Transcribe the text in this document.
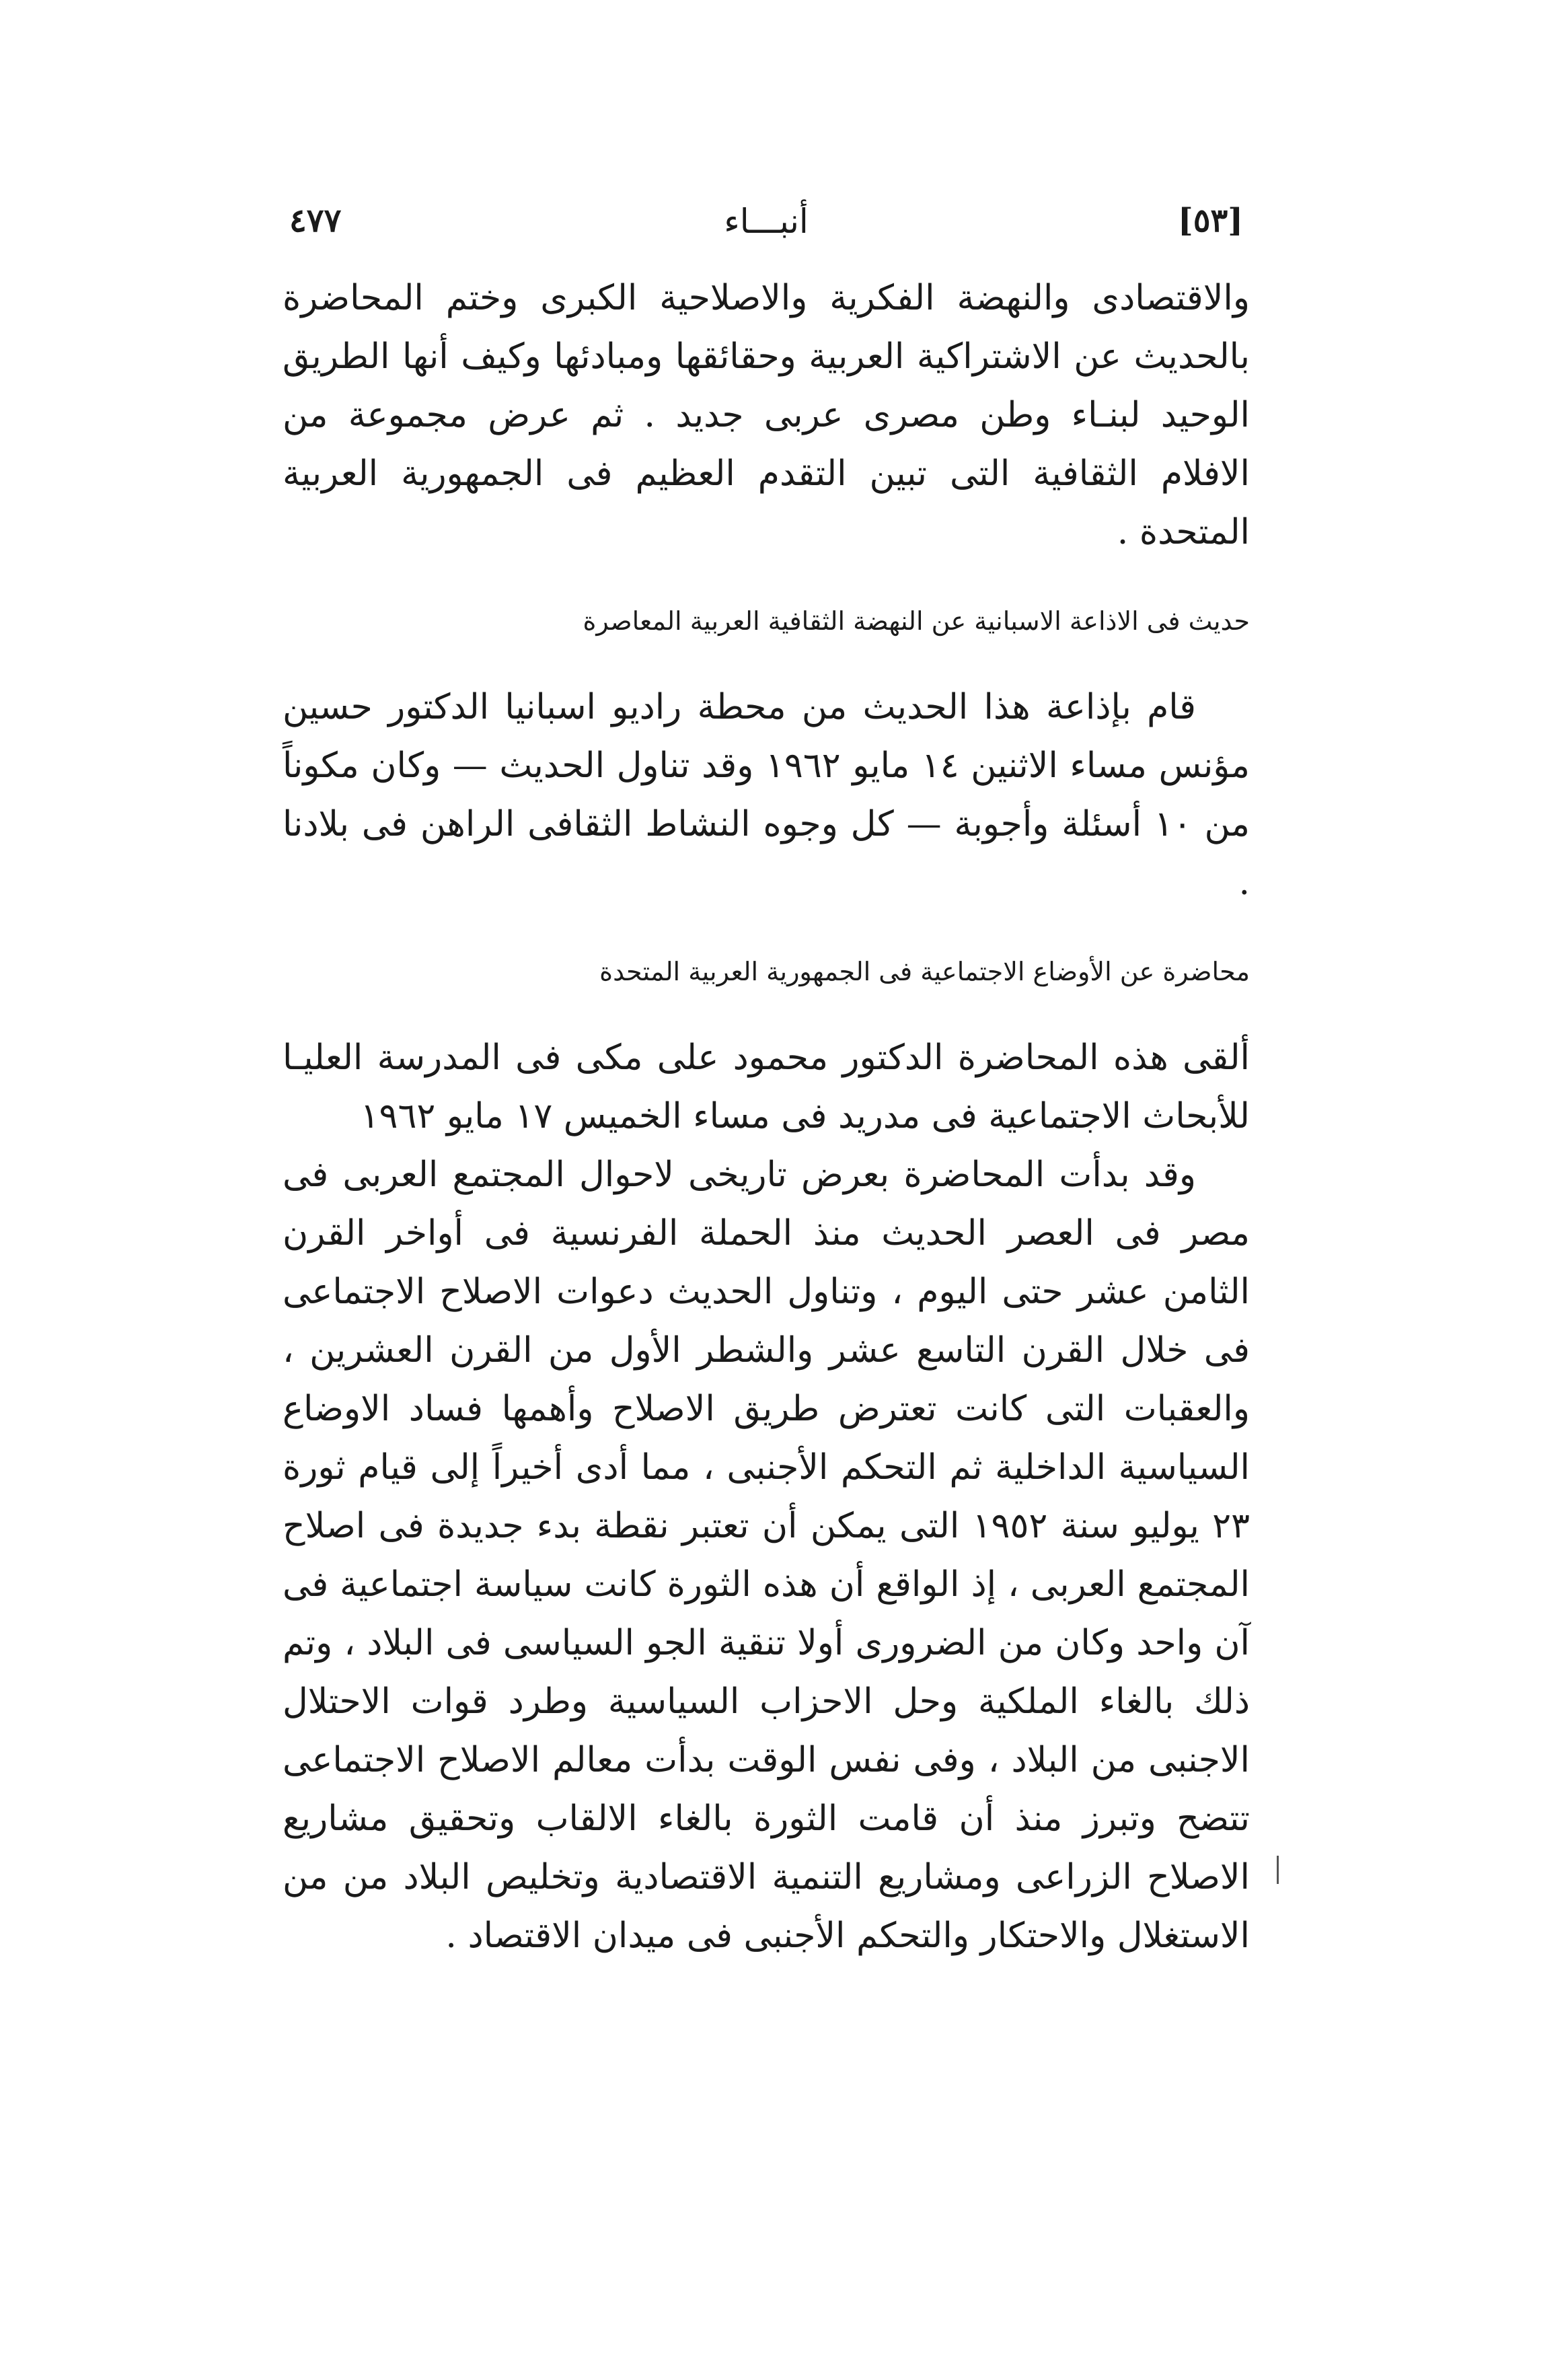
٤٧٧	أنبـــاء	[٥٣]

والاقتصادى والنهضة الفكرية والاصلاحية الكبرى وختم المحاضرة بالحديث عن الاشتراكية العربية وحقائقها ومبادئها وكيف أنها الطريق الوحيد لبنـاء وطن مصرى عربى جديد . ثم عرض مجموعة من الافلام الثقافية التى تبين التقدم العظيم فى الجمهورية العربية المتحدة .

حديث فى الاذاعة الاسبانية عن النهضة الثقافية العربية المعاصرة

قام بإذاعة هذا الحديث من محطة راديو اسبانيا الدكتور حسين مؤنس مساء الاثنين ١٤ مايو ١٩٦٢ وقد تناول الحديث — وكان مكوناً من ١٠ أسئلة وأجوبة — كل وجوه النشاط الثقافى الراهن فى بلادنا .

محاضرة عن الأوضاع الاجتماعية فى الجمهورية العربية المتحدة

ألقى هذه المحاضرة الدكتور محمود على مكى فى المدرسة العليـا للأبحاث الاجتماعية فى مدريد فى مساء الخميس ١٧ مايو ١٩٦٢

وقد بدأت المحاضرة بعرض تاريخى لاحوال المجتمع العربى فى مصر فى العصر الحديث منذ الحملة الفرنسية فى أواخر القرن الثامن عشر حتى اليوم ، وتناول الحديث دعوات الاصلاح الاجتماعى فى خلال القرن التاسع عشر والشطر الأول من القرن العشرين ، والعقبات التى كانت تعترض طريق الاصلاح وأهمها فساد الاوضاع السياسية الداخلية ثم التحكم الأجنبى ، مما أدى أخيراً إلى قيام ثورة ٢٣ يوليو سنة ١٩٥٢ التى يمكن أن تعتبر نقطة بدء جديدة فى اصلاح المجتمع العربى ، إذ الواقع أن هذه الثورة كانت سياسة اجتماعية فى آن واحد وكان من الضرورى أولا تنقية الجو السياسى فى البلاد ، وتم ذلك بالغاء الملكية وحل الاحزاب السياسية وطرد قوات الاحتلال الاجنبى من البلاد ، وفى نفس الوقت بدأت معالم الاصلاح الاجتماعى تتضح وتبرز منذ أن قامت الثورة بالغاء الالقاب وتحقيق مشاريع الاصلاح الزراعى ومشاريع التنمية الاقتصادية وتخليص البلاد من من الاستغلال والاحتكار والتحكم الأجنبى فى ميدان الاقتصاد .
